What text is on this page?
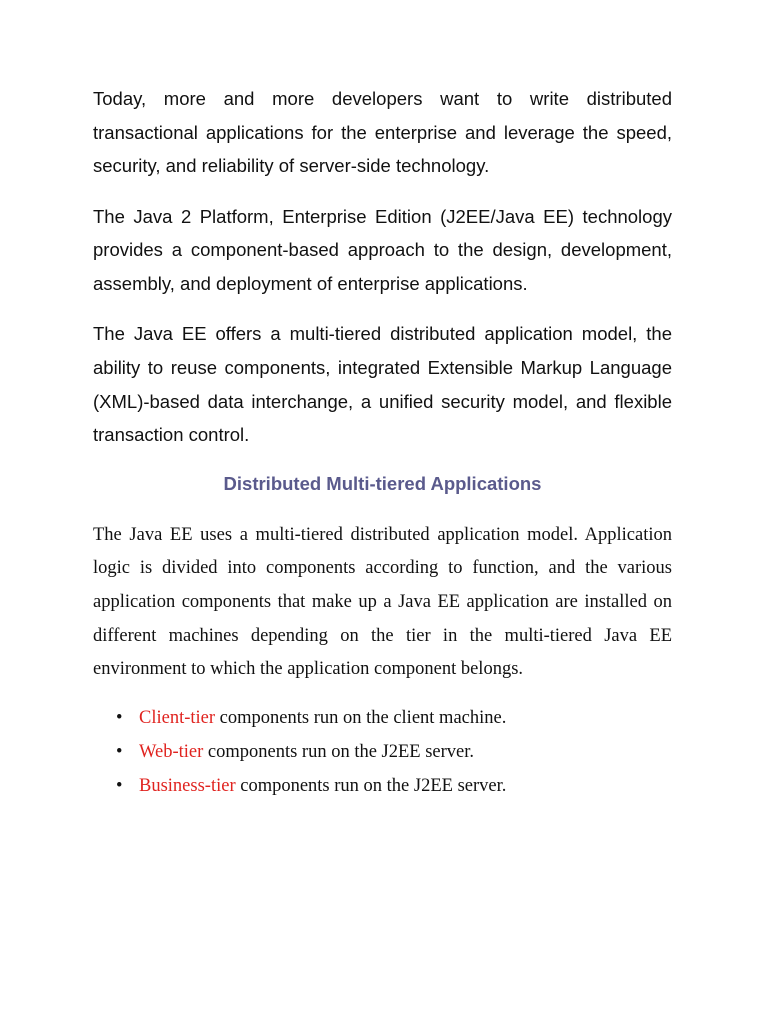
Today, more and more developers want to write distributed transactional applications for the enterprise and leverage the speed, security, and reliability of server-side technology.

The Java 2 Platform, Enterprise Edition (J2EE/Java EE) technology provides a component-based approach to the design, development, assembly, and deployment of enterprise applications.

The Java EE offers a multi-tiered distributed application model, the ability to reuse components, integrated Extensible Markup Language (XML)-based data interchange, a unified security model, and flexible transaction control.

Distributed Multi-tiered Applications

The Java EE uses a multi-tiered distributed application model. Application logic is divided into components according to function, and the various application components that make up a Java EE application are installed on different machines depending on the tier in the multi-tiered Java EE environment to which the application component belongs.

• Client-tier components run on the client machine.
• Web-tier components run on the J2EE server.
• Business-tier components run on the J2EE server.
